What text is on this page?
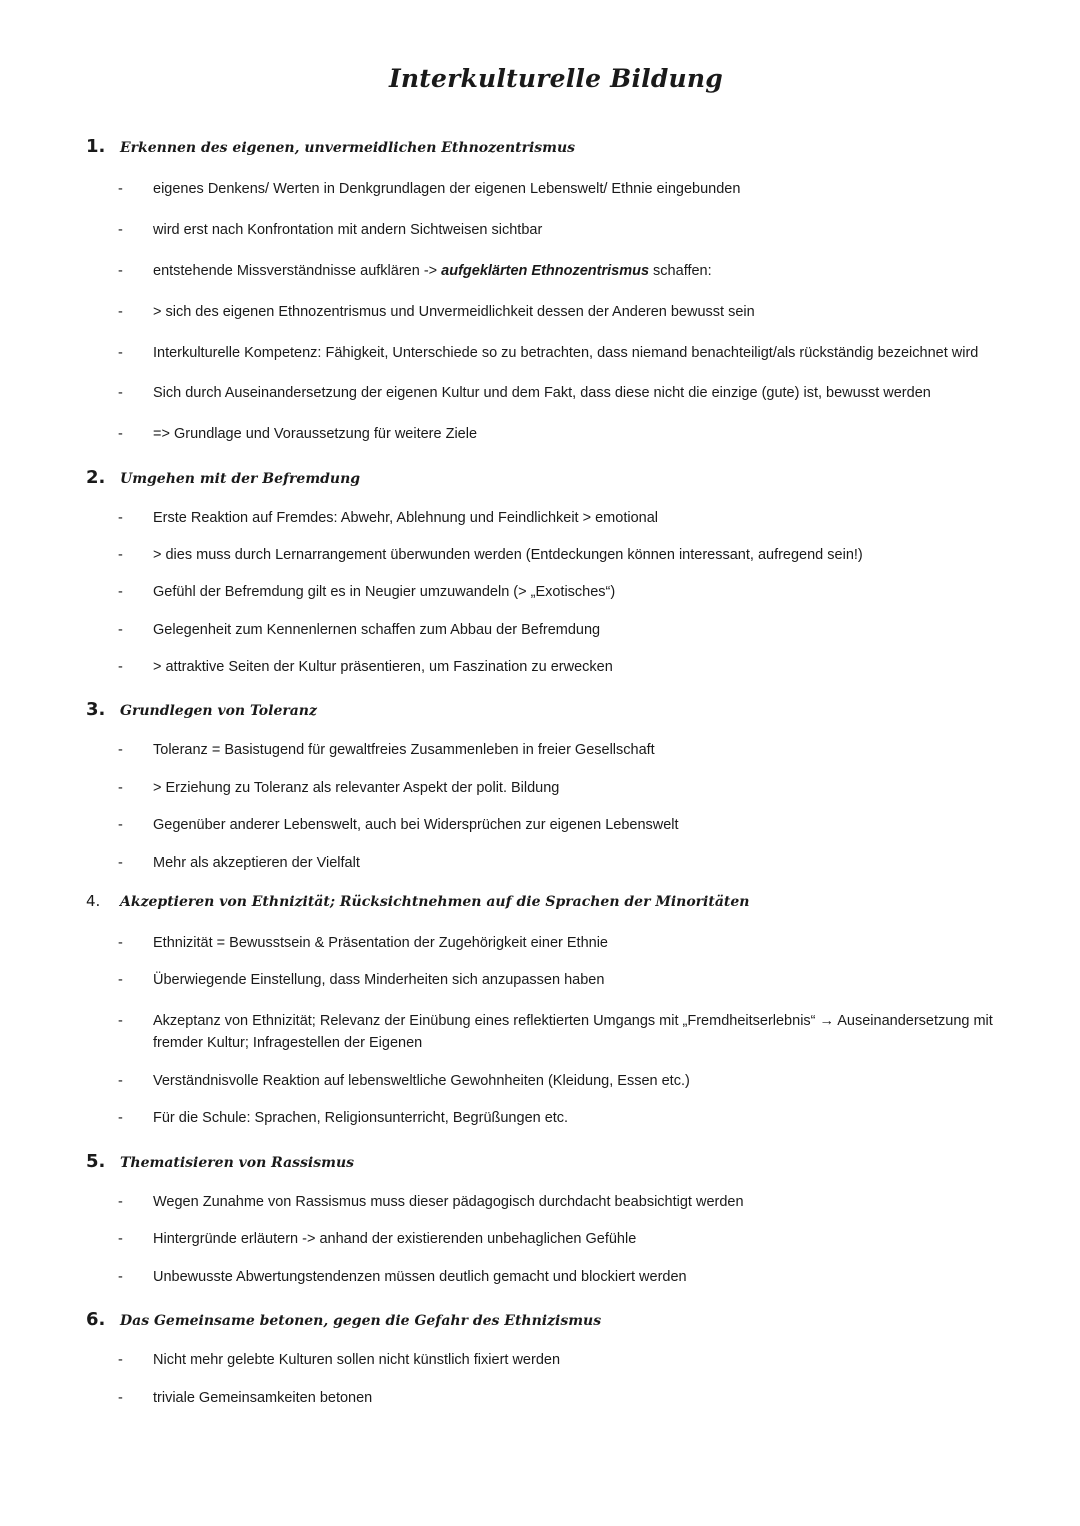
Interkulturelle Bildung
1. Erkennen des eigenen, unvermeidlichen Ethnozentrismus
- eigenes Denkens/ Werten in Denkgrundlagen der eigenen Lebenswelt/ Ethnie eingebunden
- wird erst nach Konfrontation mit andern Sichtweisen sichtbar
- entstehende Missverständnisse aufklären -> aufgeklärten Ethnozentrismus schaffen:
- > sich des eigenen Ethnozentrismus und Unvermeidlichkeit dessen der Anderen bewusst sein
- Interkulturelle Kompetenz: Fähigkeit, Unterschiede so zu betrachten, dass niemand benachteiligt/als rückständig bezeichnet wird
- Sich durch Auseinandersetzung der eigenen Kultur und dem Fakt, dass diese nicht die einzige (gute) ist, bewusst werden
- => Grundlage und Voraussetzung für weitere Ziele
2. Umgehen mit der Befremdung
- Erste Reaktion auf Fremdes: Abwehr, Ablehnung und Feindlichkeit > emotional
- > dies muss durch Lernarrangement überwunden werden (Entdeckungen können interessant, aufregend sein!)
- Gefühl der Befremdung gilt es in Neugier umzuwandeln (> „Exotisches“)
- Gelegenheit zum Kennenlernen schaffen zum Abbau der Befremdung
- > attraktive Seiten der Kultur präsentieren, um Faszination zu erwecken
3. Grundlegen von Toleranz
- Toleranz = Basistugend für gewaltfreies Zusammenleben in freier Gesellschaft
- > Erziehung zu Toleranz als relevanter Aspekt der polit. Bildung
- Gegenüber anderer Lebenswelt, auch bei Widersprüchen zur eigenen Lebenswelt
- Mehr als akzeptieren der Vielfalt
4. Akzeptieren von Ethnizität; Rücksichtnehmen auf die Sprachen der Minoritäten
- Ethnizität = Bewusstsein & Präsentation der Zugehörigkeit einer Ethnie
- Überwiegende Einstellung, dass Minderheiten sich anzupassen haben
- Akzeptanz von Ethnizität; Relevanz der Einübung eines reflektierten Umgangs mit „Fremdheitserlebnis“ → Auseinandersetzung mit fremder Kultur; Infragestellen der Eigenen
- Verständnisvolle Reaktion auf lebensweltliche Gewohnheiten (Kleidung, Essen etc.)
- Für die Schule: Sprachen, Religionsunterricht, Begrüßungen etc.
5. Thematisieren von Rassismus
- Wegen Zunahme von Rassismus muss dieser pädagogisch durchdacht beabsichtigt werden
- Hintergründe erläutern -> anhand der existierenden unbehaglichen Gefühle
- Unbewusste Abwertungstendenzen müssen deutlich gemacht und blockiert werden
6. Das Gemeinsame betonen, gegen die Gefahr des Ethnizismus
- Nicht mehr gelebte Kulturen sollen nicht künstlich fixiert werden
- triviale Gemeinsamkeiten betonen
